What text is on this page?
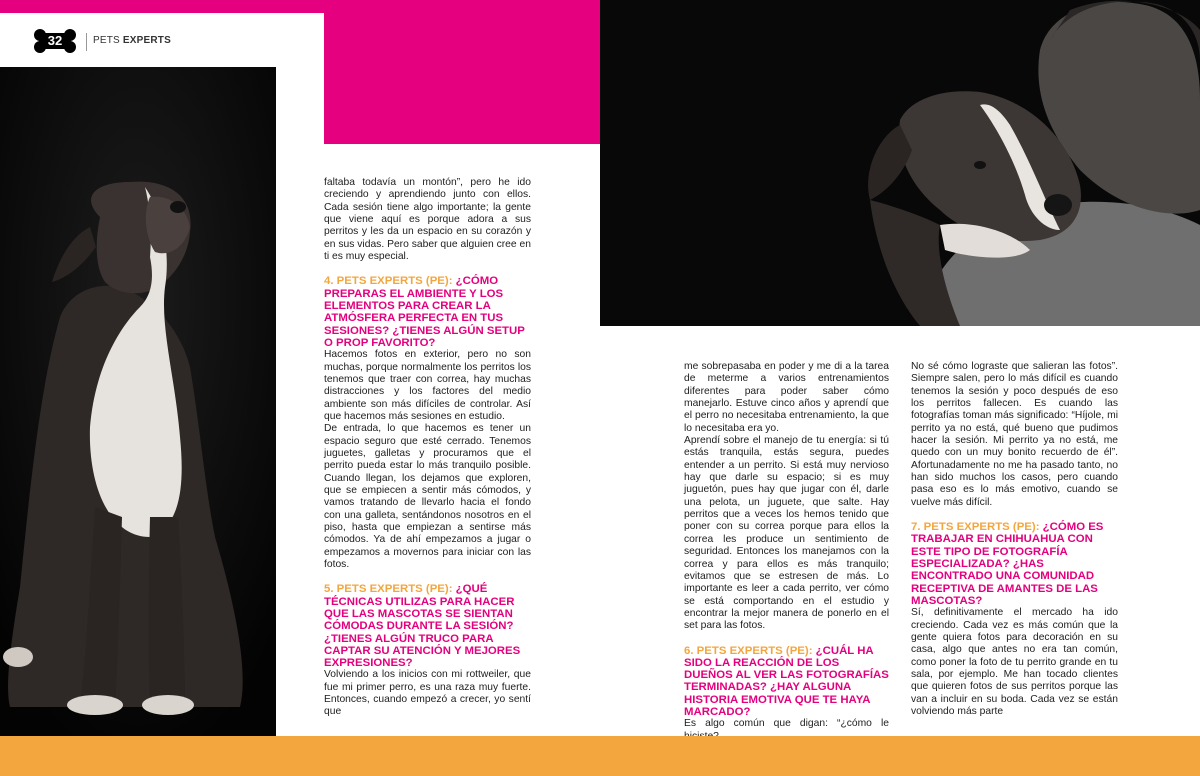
32	PETS EXPERTS

faltaba todavía un montón”, pero he ido creciendo y aprendiendo junto con ellos. Cada sesión tiene algo importante; la gente que viene aquí es porque adora a sus perritos y les da un espacio en su corazón y en sus vidas. Pero saber que alguien cree en ti es muy especial.

4. PETS EXPERTS (PE): ¿CÓMO PREPARAS EL AMBIENTE Y LOS ELEMENTOS PARA CREAR LA ATMÓSFERA PERFECTA EN TUS SESIONES? ¿TIENES ALGÚN SETUP O PROP FAVORITO?

Hacemos fotos en exterior, pero no son muchas, porque normalmente los perritos los tenemos que traer con correa, hay muchas distracciones y los factores del medio ambiente son más difíciles de controlar. Así que hacemos más sesiones en estudio.

De entrada, lo que hacemos es tener un espacio seguro que esté cerrado. Tenemos juguetes, galletas y procuramos que el perrito pueda estar lo más tranquilo posible. Cuando llegan, los dejamos que exploren, que se empiecen a sentir más cómodos, y vamos tratando de llevarlo hacia el fondo con una galleta, sentándonos nosotros en el piso, hasta que empiezan a sentirse más cómodos. Ya de ahí empezamos a jugar o empezamos a movernos para iniciar con las fotos.

5. PETS EXPERTS (PE): ¿QUÉ TÉCNICAS UTILIZAS PARA HACER QUE LAS MASCOTAS SE SIENTAN CÓMODAS DURANTE LA SESIÓN? ¿TIENES ALGÚN TRUCO PARA CAPTAR SU ATENCIÓN Y MEJORES EXPRESIONES?

Volviendo a los inicios con mi rottweiler, que fue mi primer perro, es una raza muy fuerte. Entonces, cuando empezó a crecer, yo sentí que

me sobrepasaba en poder y me di a la tarea de meterme a varios entrenamientos diferentes para poder saber cómo manejarlo. Estuve cinco años y aprendí que el perro no necesitaba entrenamiento, la que lo necesitaba era yo.

Aprendí sobre el manejo de tu energía: si tú estás tranquila, estás segura, puedes entender a un perrito. Si está muy nervioso hay que darle su espacio; si es muy juguetón, pues hay que jugar con él, darle una pelota, un juguete, que salte. Hay perritos que a veces los hemos tenido que poner con su correa porque para ellos la correa les produce un sentimiento de seguridad. Entonces los manejamos con la correa y para ellos es más tranquilo; evitamos que se estresen de más. Lo importante es leer a cada perrito, ver cómo se está comportando en el estudio y encontrar la mejor manera de ponerlo en el set para las fotos.

6. PETS EXPERTS (PE): ¿CUÁL HA SIDO LA REACCIÓN DE LOS DUEÑOS AL VER LAS FOTOGRAFÍAS TERMINADAS? ¿HAY ALGUNA HISTORIA EMOTIVA QUE TE HAYA MARCADO?

Es algo común que digan: “¿cómo le

No sé cómo lograste que salieran las fotos”. Siempre salen, pero lo más difícil es cuando tenemos la sesión y poco después de eso los perritos fallecen. Es cuando las fotografías toman más significado: “Híjole, mi perrito ya no está, qué bueno que pudimos hacer la sesión. Mi perrito ya no está, me quedo con un muy bonito recuerdo de él”. Afortunadamente no me ha pasado tanto, no han sido muchos los casos, pero cuando pasa eso es lo más emotivo, cuando se vuelve más difícil.

7. PETS EXPERTS (PE): ¿CÓMO ES TRABAJAR EN CHIHUAHUA CON ESTE TIPO DE FOTOGRAFÍA ESPECIALIZADA? ¿HAS ENCONTRADO UNA COMUNIDAD RECEPTIVA DE AMANTES DE LAS MASCOTAS?

Sí, definitivamente el mercado ha ido creciendo. Cada vez es más común que la gente quiera fotos para decoración en su casa, algo que antes no era tan común, como poner la foto de tu perrito grande en tu sala, por ejemplo. Me han tocado clientes que quieren fotos de sus perritos porque las van a incluir en su boda. Cada vez se están volviendo más parte
